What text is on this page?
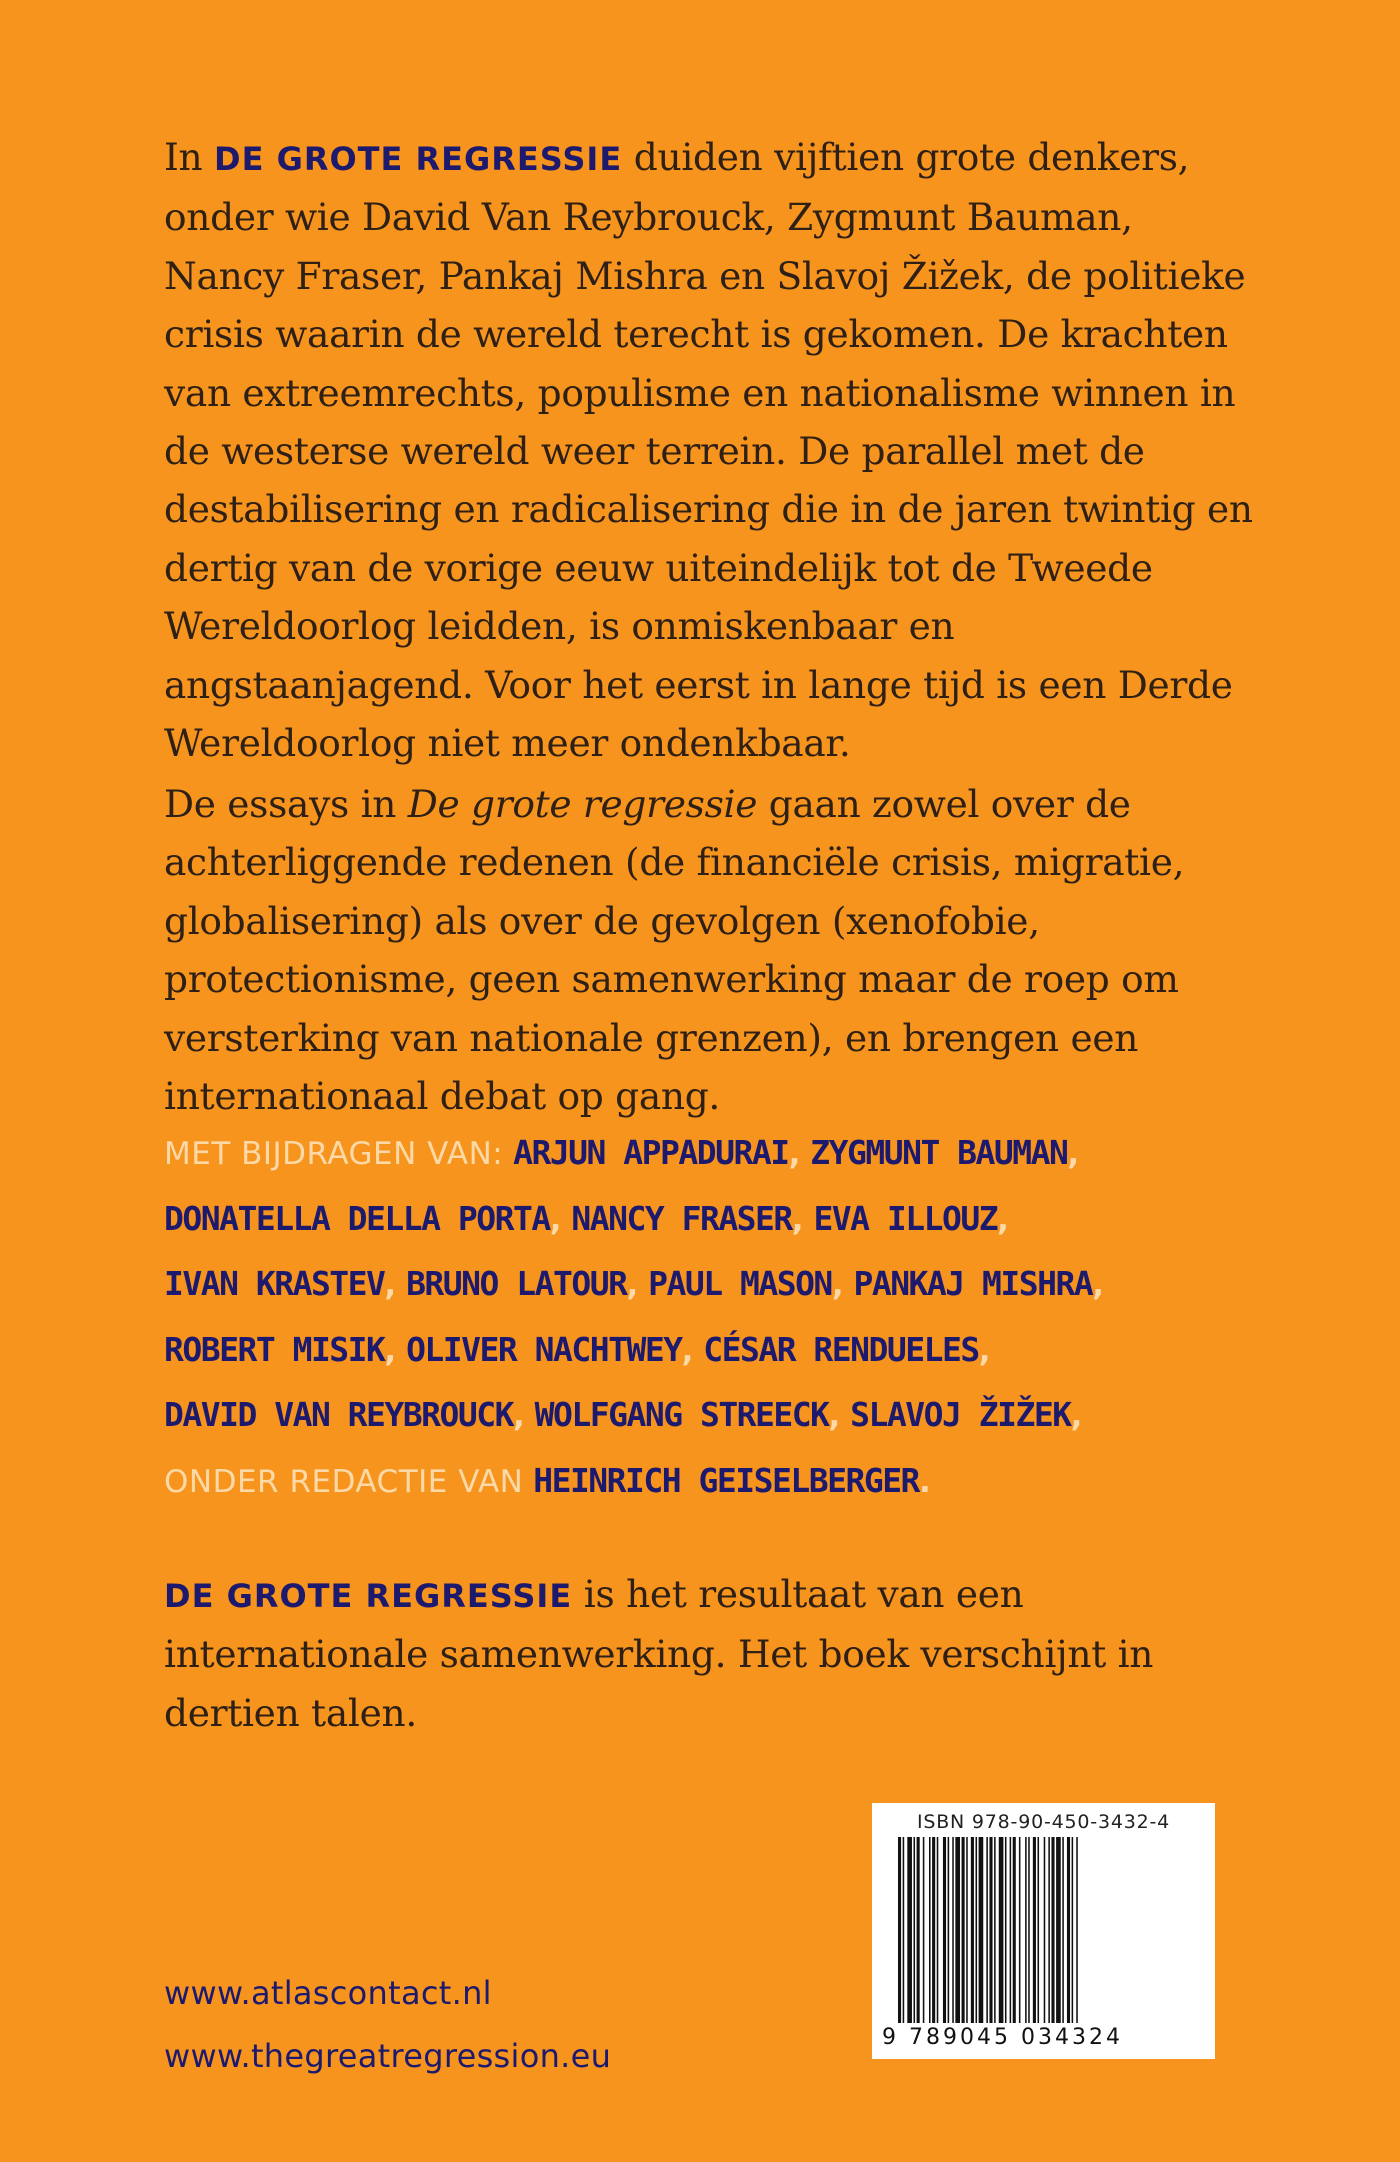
In DE GROTE REGRESSIE duiden vijftien grote denkers, onder wie David Van Reybrouck, Zygmunt Bauman, Nancy Fraser, Pankaj Mishra en Slavoj Žižek, de politieke crisis waarin de wereld terecht is gekomen. De krachten van extreemrechts, populisme en nationalisme winnen in de westerse wereld weer terrein. De parallel met de destabilisering en radicalisering die in de jaren twintig en dertig van de vorige eeuw uiteindelijk tot de Tweede Wereldoorlog leidden, is onmiskenbaar en angstaanjagend. Voor het eerst in lange tijd is een Derde Wereldoorlog niet meer ondenkbaar.

De essays in De grote regressie gaan zowel over de achterliggende redenen (de financiële crisis, migratie, globalisering) als over de gevolgen (xenofobie, protectionisme, geen samenwerking maar de roep om versterking van nationale grenzen), en brengen een internationaal debat op gang.

MET BIJDRAGEN VAN: ARJUN APPADURAI, ZYGMUNT BAUMAN,
DONATELLA DELLA PORTA, NANCY FRASER, EVA ILLOUZ,
IVAN KRASTEV, BRUNO LATOUR, PAUL MASON, PANKAJ MISHRA,
ROBERT MISIK, OLIVER NACHTWEY, CÉSAR RENDUELES,
DAVID VAN REYBROUCK, WOLFGANG STREECK, SLAVOJ ŽIŽEK,
ONDER REDACTIE VAN HEINRICH GEISELBERGER.

DE GROTE REGRESSIE is het resultaat van een internationale samenwerking. Het boek verschijnt in dertien talen.

www.atlascontact.nl
www.thegreatregression.eu
ISBN 978-90-450-3432-4
9 789045 034324
